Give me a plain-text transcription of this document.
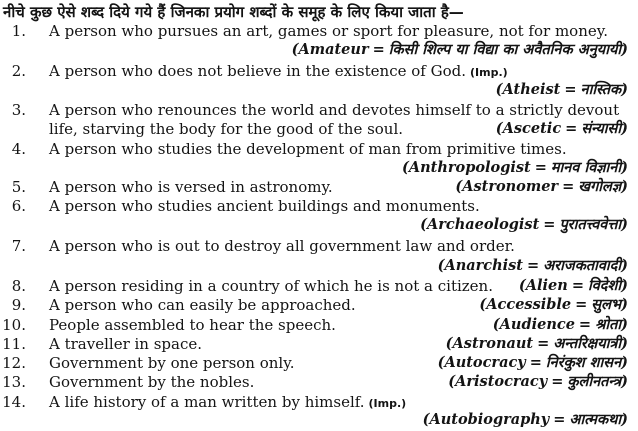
नीचे कुछ ऐसे शब्द दिये गये हैं जिनका प्रयोग शब्दों के समूह के लिए किया जाता है—
1. A person who pursues an art, games or sport for pleasure, not for money.
(Amateur = किसी शिल्प या विद्या का अवैतनिक अनुयायी)
2. A person who does not believe in the existence of God. (Imp.)
(Atheist = नास्तिक)
3. A person who renounces the world and devotes himself to a strictly devout
life, starving the body for the good of the soul.	(Ascetic = संन्यासी)
4. A person who studies the development of man from primitive times.
(Anthropologist = मानव विज्ञानी)
5. A person who is versed in astronomy.	(Astronomer = खगोलज्ञ)
6. A person who studies ancient buildings and monuments.
(Archaeologist = पुरातत्त्ववेत्ता)
7. A person who is out to destroy all government law and order.
(Anarchist = अराजकतावादी)
8. A person residing in a country of which he is not a citizen. (Alien = विदेशी)
9. A person who can easily be approached.	(Accessible = सुलभ)
10. People assembled to hear the speech.	(Audience = श्रोता)
11. A traveller in space.	(Astronaut = अन्तरिक्षयात्री)
12. Government by one person only.	(Autocracy = निरंकुश शासन)
13. Government by the nobles.	(Aristocracy = कुलीनतन्त्र)
14. A life history of a man written by himself. (Imp.)
(Autobiography = आत्मकथा)
